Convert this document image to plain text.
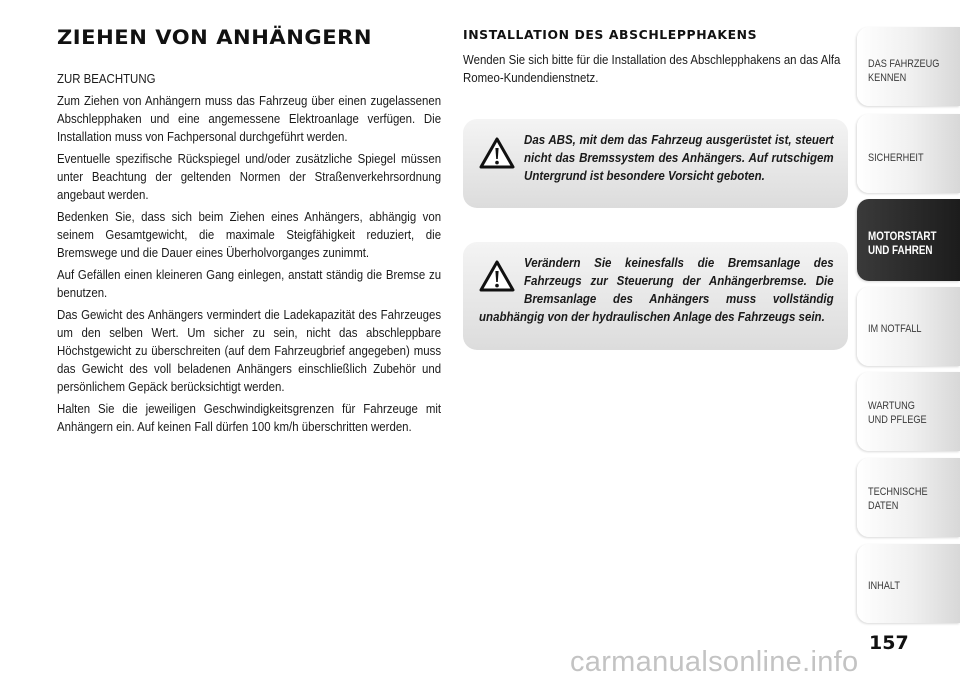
ZIEHEN VON ANHÄNGERN

ZUR BEACHTUNG

Zum Ziehen von Anhängern muss das Fahrzeug über einen zugelassenen Abschlepphaken und eine angemessene Elektroanlage verfügen. Die Installation muss von Fachpersonal durchgeführt werden.

Eventuelle spezifische Rückspiegel und/oder zusätzliche Spiegel müssen unter Beachtung der geltenden Normen der Straßenverkehrsordnung angebaut werden.

Bedenken Sie, dass sich beim Ziehen eines Anhängers, abhängig von seinem Gesamtgewicht, die maximale Steigfähigkeit reduziert, die Bremswege und die Dauer eines Überholvorganges zunimmt.

Auf Gefällen einen kleineren Gang einlegen, anstatt ständig die Bremse zu benutzen.

Das Gewicht des Anhängers vermindert die Ladekapazität des Fahrzeuges um den selben Wert. Um sicher zu sein, nicht das abschleppbare Höchstgewicht zu überschreiten (auf dem Fahrzeugbrief angegeben) muss das Gewicht des voll beladenen Anhängers einschließlich Zubehör und persönlichem Gepäck berücksichtigt werden.

Halten Sie die jeweiligen Geschwindigkeitsgrenzen für Fahrzeuge mit Anhängern ein. Auf keinen Fall dürfen 100 km/h überschritten werden.

INSTALLATION DES ABSCHLEPPHAKENS

Wenden Sie sich bitte für die Installation des Abschlepphakens an das Alfa Romeo-Kundendienstnetz.

Das ABS, mit dem das Fahrzeug ausgerüstet ist, steuert nicht das Bremssystem des Anhängers. Auf rutschigem Untergrund ist besondere Vorsicht geboten.

Verändern Sie keinesfalls die Bremsanlage des Fahrzeugs zur Steuerung der Anhängerbremse. Die Bremsanlage des Anhängers muss vollständig unabhängig von der hydraulischen Anlage des Fahrzeugs sein.

DAS FAHRZEUG
KENNEN
SICHERHEIT
MOTORSTART
UND FAHREN
IM NOTFALL
WARTUNG
UND PFLEGE
TECHNISCHE
DATEN
INHALT
157
carmanualsonline.info
